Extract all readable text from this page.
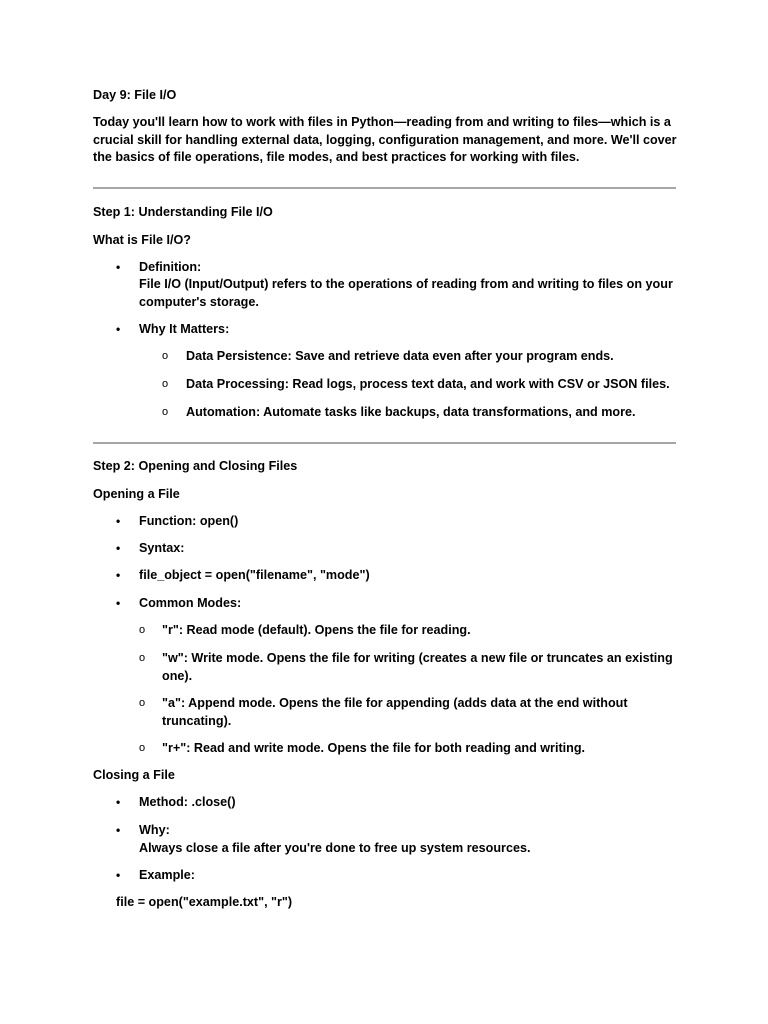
Day 9: File I/O
Today you'll learn how to work with files in Python—reading from and writing to files—which is a crucial skill for handling external data, logging, configuration management, and more. We'll cover the basics of file operations, file modes, and best practices for working with files.
Step 1: Understanding File I/O
What is File I/O?
• Definition:
File I/O (Input/Output) refers to the operations of reading from and writing to files on your computer's storage.
• Why It Matters:
o Data Persistence: Save and retrieve data even after your program ends.
o Data Processing: Read logs, process text data, and work with CSV or JSON files.
o Automation: Automate tasks like backups, data transformations, and more.
Step 2: Opening and Closing Files
Opening a File
• Function: open()
• Syntax:
• file_object = open("filename", "mode")
• Common Modes:
o "r": Read mode (default). Opens the file for reading.
o "w": Write mode. Opens the file for writing (creates a new file or truncates an existing one).
o "a": Append mode. Opens the file for appending (adds data at the end without truncating).
o "r+": Read and write mode. Opens the file for both reading and writing.
Closing a File
• Method: .close()
• Why:
Always close a file after you're done to free up system resources.
• Example:
file = open("example.txt", "r")
